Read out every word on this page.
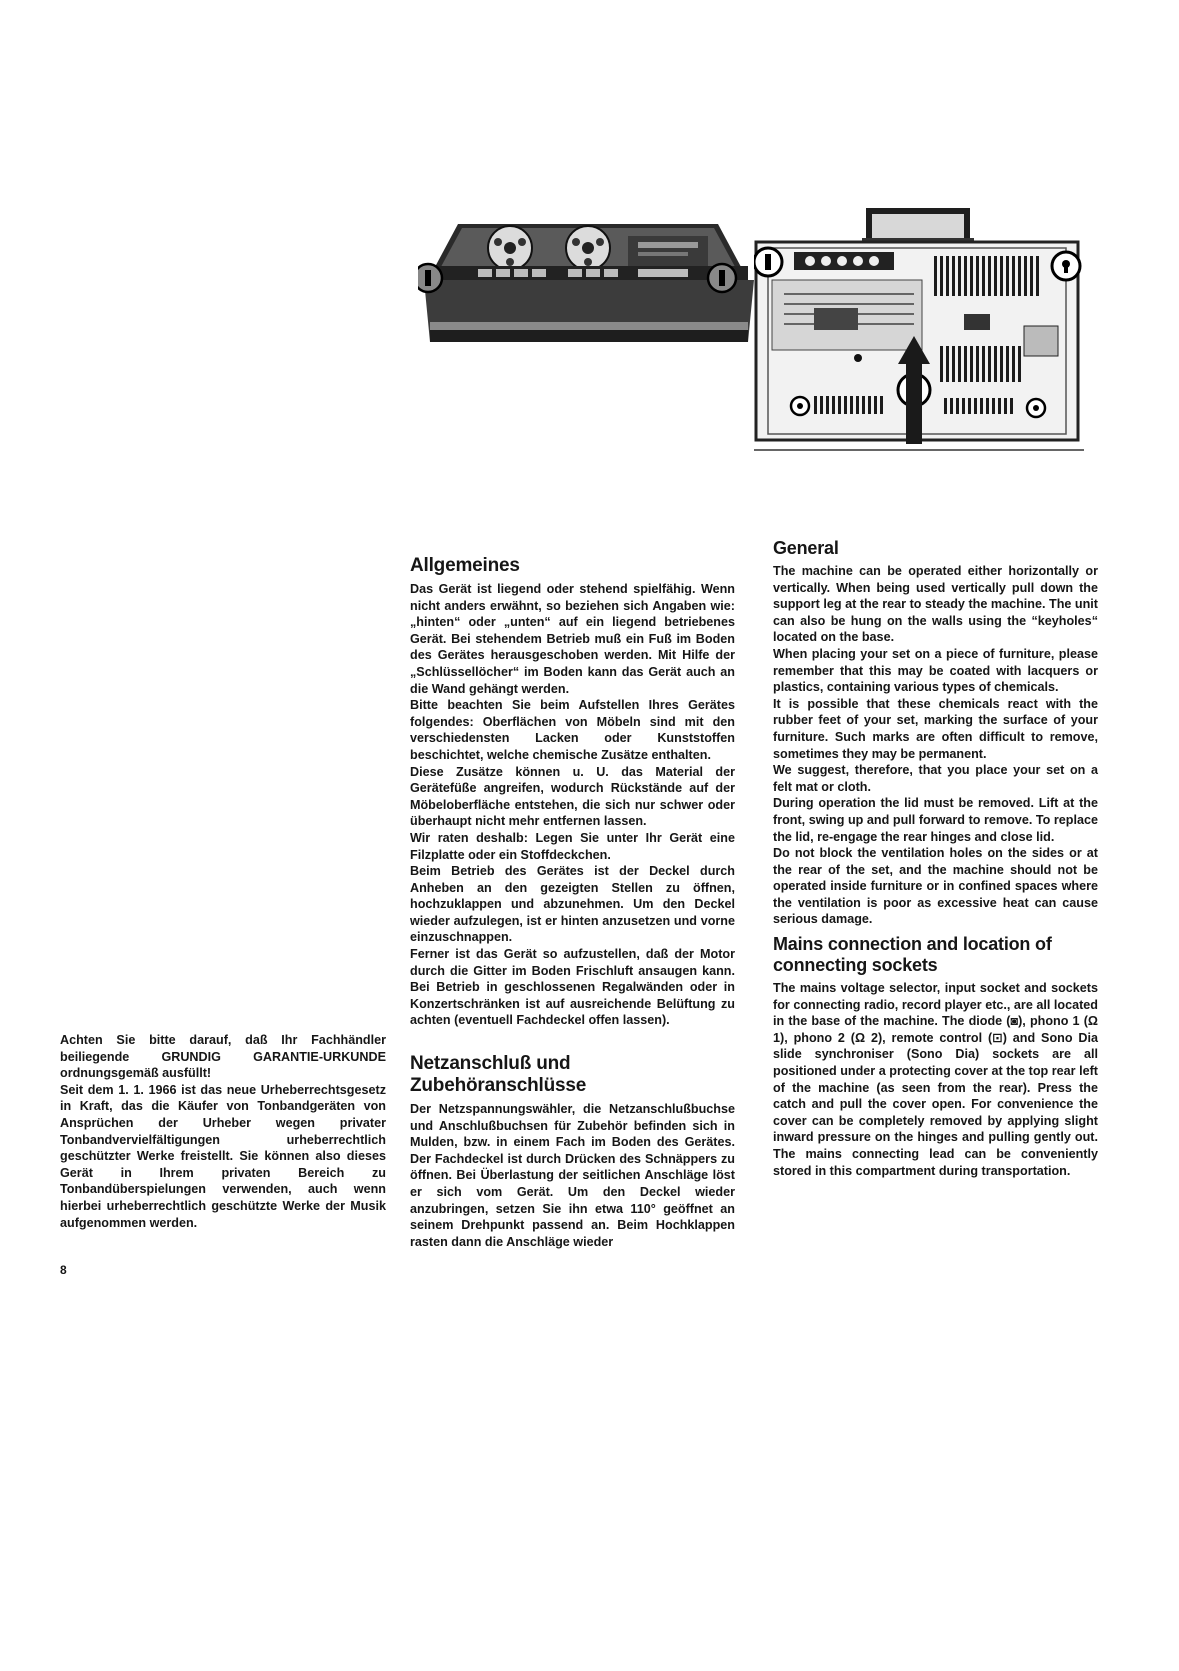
Achten Sie bitte darauf, daß Ihr Fachhändler beiliegende GRUNDIG GARANTIE-URKUNDE ordnungsgemäß ausfüllt!

Seit dem 1. 1. 1966 ist das neue Urheberrechtsgesetz in Kraft, das die Käufer von Tonbandgeräten von Ansprüchen der Urheber wegen privater Tonbandvervielfältigungen urheberrechtlich geschützter Werke freistellt. Sie können also dieses Gerät in Ihrem privaten Bereich zu Tonbandüberspielungen verwenden, auch wenn hierbei urheberrechtlich geschützte Werke der Musik aufgenommen werden.

8
Allgemeines

Das Gerät ist liegend oder stehend spielfähig. Wenn nicht anders erwähnt, so beziehen sich Angaben wie: „hinten“ oder „unten“ auf ein liegend betriebenes Gerät. Bei stehendem Betrieb muß ein Fuß im Boden des Gerätes herausgeschoben werden. Mit Hilfe der „Schlüssellöcher“ im Boden kann das Gerät auch an die Wand gehängt werden.

Bitte beachten Sie beim Aufstellen Ihres Gerätes folgendes: Oberflächen von Möbeln sind mit den verschiedensten Lacken oder Kunststoffen beschichtet, welche chemische Zusätze enthalten.

Diese Zusätze können u. U. das Material der Gerätefüße angreifen, wodurch Rückstände auf der Möbeloberfläche entstehen, die sich nur schwer oder überhaupt nicht mehr entfernen lassen.

Wir raten deshalb: Legen Sie unter Ihr Gerät eine Filzplatte oder ein Stoffdeckchen.

Beim Betrieb des Gerätes ist der Deckel durch Anheben an den gezeigten Stellen zu öffnen, hochzuklappen und abzunehmen. Um den Deckel wieder aufzulegen, ist er hinten anzusetzen und vorne einzuschnappen.

Ferner ist das Gerät so aufzustellen, daß der Motor durch die Gitter im Boden Frischluft ansaugen kann. Bei Betrieb in geschlossenen Regalwänden oder in Konzertschränken ist auf ausreichende Belüftung zu achten (eventuell Fachdeckel offen lassen).

Netzanschluß und Zubehöranschlüsse

Der Netzspannungswähler, die Netzanschlußbuchse und Anschlußbuchsen für Zubehör befinden sich in Mulden, bzw. in einem Fach im Boden des Gerätes. Der Fachdeckel ist durch Drücken des Schnäppers zu öffnen. Bei Überlastung der seitlichen Anschläge löst er sich vom Gerät. Um den Deckel wieder anzubringen, setzen Sie ihn etwa 110° geöffnet an seinem Drehpunkt passend an. Beim Hochklappen rasten dann die Anschläge wieder

General

The machine can be operated either horizontally or vertically. When being used vertically pull down the support leg at the rear to steady the machine. The unit can also be hung on the walls using the “keyholes“ located on the base.

When placing your set on a piece of furniture, please remember that this may be coated with lacquers or plastics, containing various types of chemicals.

It is possible that these chemicals react with the rubber feet of your set, marking the surface of your furniture. Such marks are often difficult to remove, sometimes they may be permanent.

We suggest, therefore, that you place your set on a felt mat or cloth.

During operation the lid must be removed. Lift at the front, swing up and pull forward to remove. To replace the lid, re-engage the rear hinges and close lid.

Do not block the ventilation holes on the sides or at the rear of the set, and the machine should not be operated inside furniture or in confined spaces where the ventilation is poor as excessive heat can cause serious damage.

Mains connection and location of
connecting sockets

The mains voltage selector, input socket and sockets for connecting radio, record player etc., are all located in the base of the machine. The diode (◙), phono 1 (Ω 1), phono 2 (Ω 2), remote control (⊡) and Sono Dia slide synchroniser (Sono Dia) sockets are all positioned under a protecting cover at the top rear left of the machine (as seen from the rear). Press the catch and pull the cover open. For convenience the cover can be completely removed by applying slight inward pressure on the hinges and pulling gently out. The mains connecting lead can be conveniently stored in this compartment during transportation.
